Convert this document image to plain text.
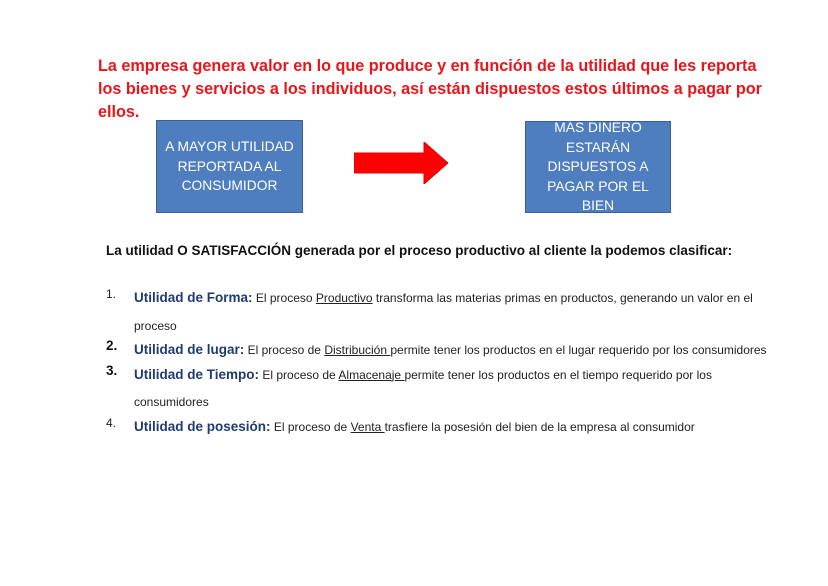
La empresa genera valor en lo que produce y en función de la utilidad que les reporta los bienes y servicios a los individuos, así están dispuestos estos últimos a pagar por ellos.
A MAYOR UTILIDAD REPORTADA AL CONSUMIDOR
MÁS DINERO ESTARÁN DISPUESTOS A PAGAR POR EL BIEN
La utilidad O SATISFACCIÓN generada por el proceso productivo al cliente la podemos clasificar:
1.	Utilidad de Forma: El proceso Productivo transforma las materias primas en productos, generando un valor en el proceso
2.	Utilidad de lugar: El proceso de Distribución permite tener los productos en el lugar requerido por los consumidores
3.	Utilidad de Tiempo: El proceso de Almacenaje permite tener los productos en el tiempo requerido por los consumidores
4.	Utilidad de posesión: El proceso de Venta trasfiere la posesión del bien de la empresa al consumidor
